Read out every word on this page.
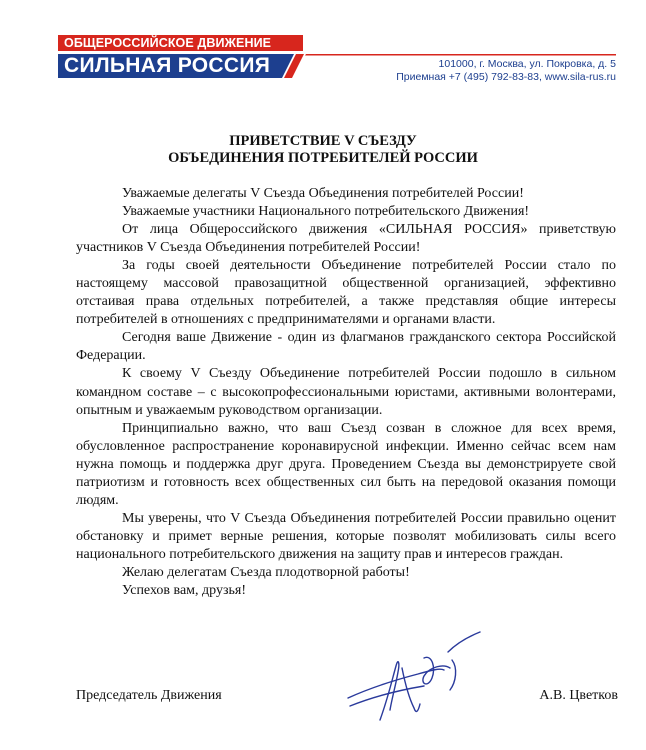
ОБЩЕРОССИЙСКОЕ ДВИЖЕНИЕ
СИЛЬНАЯ РОССИЯ	101000, г. Москва, ул. Покровка, д. 5
Приемная +7 (495) 792-83-83, www.sila-rus.ru
ПРИВЕТСТВИЕ V СЪЕЗДУ
ОБЪЕДИНЕНИЯ ПОТРЕБИТЕЛЕЙ РОССИИ

Уважаемые делегаты V Съезда Объединения потребителей России!

Уважаемые участники Национального потребительского Движения!

От лица Общероссийского движения «СИЛЬНАЯ РОССИЯ» приветствую участников V Съезда Объединения потребителей России!

За годы своей деятельности Объединение потребителей России стало по настоящему массовой правозащитной общественной организацией, эффективно отстаивая права отдельных потребителей, а также представляя общие интересы потребителей в отношениях с предпринимателями и органами власти.

Сегодня ваше Движение - один из флагманов гражданского сектора Российской Федерации.

К своему V Съезду Объединение потребителей России подошло в сильном командном составе – с высокопрофессиональными юристами, активными волонтерами, опытным и уважаемым руководством организации.

Принципиально важно, что ваш Съезд созван в сложное для всех время, обусловленное распространение коронавирусной инфекции. Именно сейчас всем нам нужна помощь и поддержка друг друга. Проведением Съезда вы демонстрируете свой патриотизм и готовность всех общественных сил быть на передовой оказания помощи людям.

Мы уверены, что V Съезда Объединения потребителей России правильно оценит обстановку и примет верные решения, которые позволят мобилизовать силы всего национального потребительского движения на защиту прав и интересов граждан.

Желаю делегатам Съезда плодотворной работы!

Успехов вам, друзья!

Председатель Движения	А.В. Цветков
